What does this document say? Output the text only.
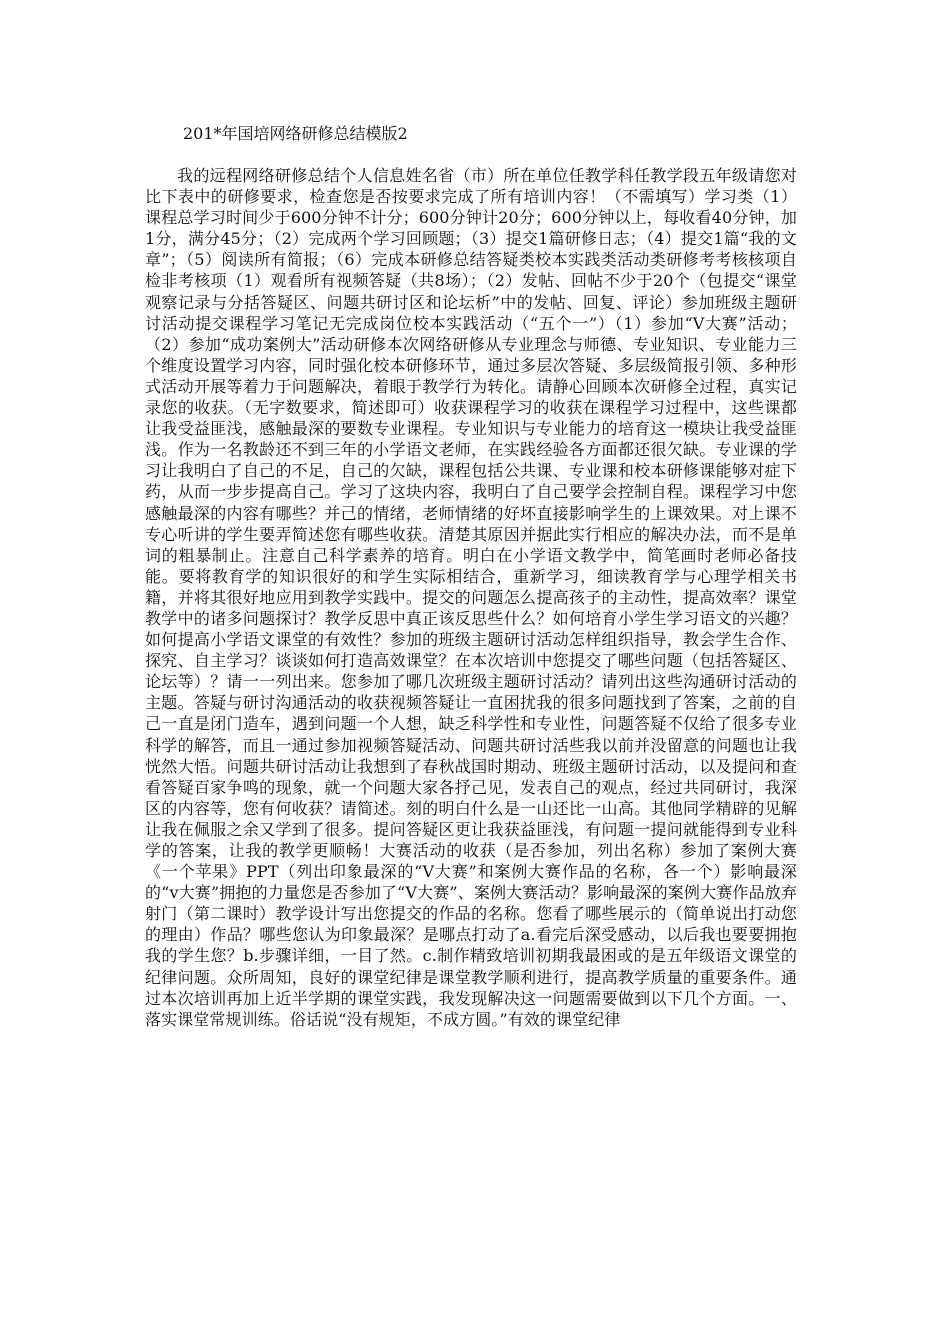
201*年国培网络研修总结模版2

我的远程网络研修总结个人信息姓名省（市）所在单位任教学科任教学段五年级请您对比下表中的研修要求，检查您是否按要求完成了所有培训内容！（不需填写）学习类（1）课程总学习时间少于600分钟不计分；600分钟计20分；600分钟以上，每收看40分钟，加1分，满分45分；（2）完成两个学习回顾题；（3）提交1篇研修日志；（4）提交1篇“我的文章”；（5）阅读所有简报；（6）完成本研修总结答疑类校本实践类活动类研修考考核核项自检非考核项（1）观看所有视频答疑（共8场）；（2）发帖、回帖不少于20个（包提交“课堂观察记录与分括答疑区、问题共研讨区和论坛析”中的发帖、回复、评论）参加班级主题研讨活动提交课程学习笔记无完成岗位校本实践活动（“五个一”）（1）参加“V大赛”活动；（2）参加“成功案例大”活动研修本次网络研修从专业理念与师德、专业知识、专业能力三个维度设置学习内容，同时强化校本研修环节，通过多层次答疑、多层级简报引领、多种形式活动开展等着力于问题解决，着眼于教学行为转化。请静心回顾本次研修全过程，真实记录您的收获。（无字数要求，简述即可）收获课程学习的收获在课程学习过程中，这些课都让我受益匪浅，感触最深的要数专业课程。专业知识与专业能力的培育这一模块让我受益匪浅。作为一名教龄还不到三年的小学语文老师，在实践经验各方面都还很欠缺。专业课的学习让我明白了自己的不足，自己的欠缺，课程包括公共课、专业课和校本研修课能够对症下药，从而一步步提高自己。学习了这块内容，我明白了自己要学会控制自程。课程学习中您感触最深的内容有哪些？并己的情绪，老师情绪的好坏直接影响学生的上课效果。对上课不专心听讲的学生要弄简述您有哪些收获。清楚其原因并据此实行相应的解决办法，而不是单词的粗暴制止。注意自己科学素养的培育。明白在小学语文教学中，简笔画时老师必备技能。要将教育学的知识很好的和学生实际相结合，重新学习，细读教育学与心理学相关书籍，并将其很好地应用到教学实践中。提交的问题怎么提高孩子的主动性，提高效率？课堂教学中的诸多问题探讨？教学反思中真正该反思些什么？如何培育小学生学习语文的兴趣？如何提高小学语文课堂的有效性？参加的班级主题研讨活动怎样组织指导，教会学生合作、探究、自主学习？谈谈如何打造高效课堂？在本次培训中您提交了哪些问题（包括答疑区、论坛等）？请一一列出来。您参加了哪几次班级主题研讨活动？请列出这些沟通研讨活动的主题。答疑与研讨沟通活动的收获视频答疑让一直困扰我的很多问题找到了答案，之前的自己一直是闭门造车，遇到问题一个人想，缺乏科学性和专业性，问题答疑不仅给了很多专业科学的解答，而且一通过参加视频答疑活动、问题共研讨活些我以前并没留意的问题也让我恍然大悟。问题共研讨活动让我想到了春秋战国时期动、班级主题研讨活动，以及提问和查看答疑百家争鸣的现象，就一个问题大家各抒己见，发表自己的观点，经过共同研讨，我深区的内容等，您有何收获？请简述。刻的明白什么是一山还比一山高。其他同学精辟的见解让我在佩服之余又学到了很多。提问答疑区更让我获益匪浅，有问题一提问就能得到专业科学的答案，让我的教学更顺畅！大赛活动的收获（是否参加，列出名称）参加了案例大赛《一个苹果》PPT（列出印象最深的“V大赛”和案例大赛作品的名称，各一个）影响最深的“v大赛”拥抱的力量您是否参加了“V大赛”、案例大赛活动？影响最深的案例大赛作品放弃射门（第二课时）教学设计写出您提交的作品的名称。您看了哪些展示的（简单说出打动您的理由）作品？哪些您认为印象最深？是哪点打动了a.看完后深受感动，以后我也要要拥抱我的学生您？b.步骤详细，一目了然。c.制作精致培训初期我最困或的是五年级语文课堂的纪律问题。众所周知，良好的课堂纪律是课堂教学顺利进行，提高教学质量的重要条件。通过本次培训再加上近半学期的课堂实践，我发现解决这一问题需要做到以下几个方面。一、落实课堂常规训练。俗话说“没有规矩，不成方圆。”有效的课堂纪律
